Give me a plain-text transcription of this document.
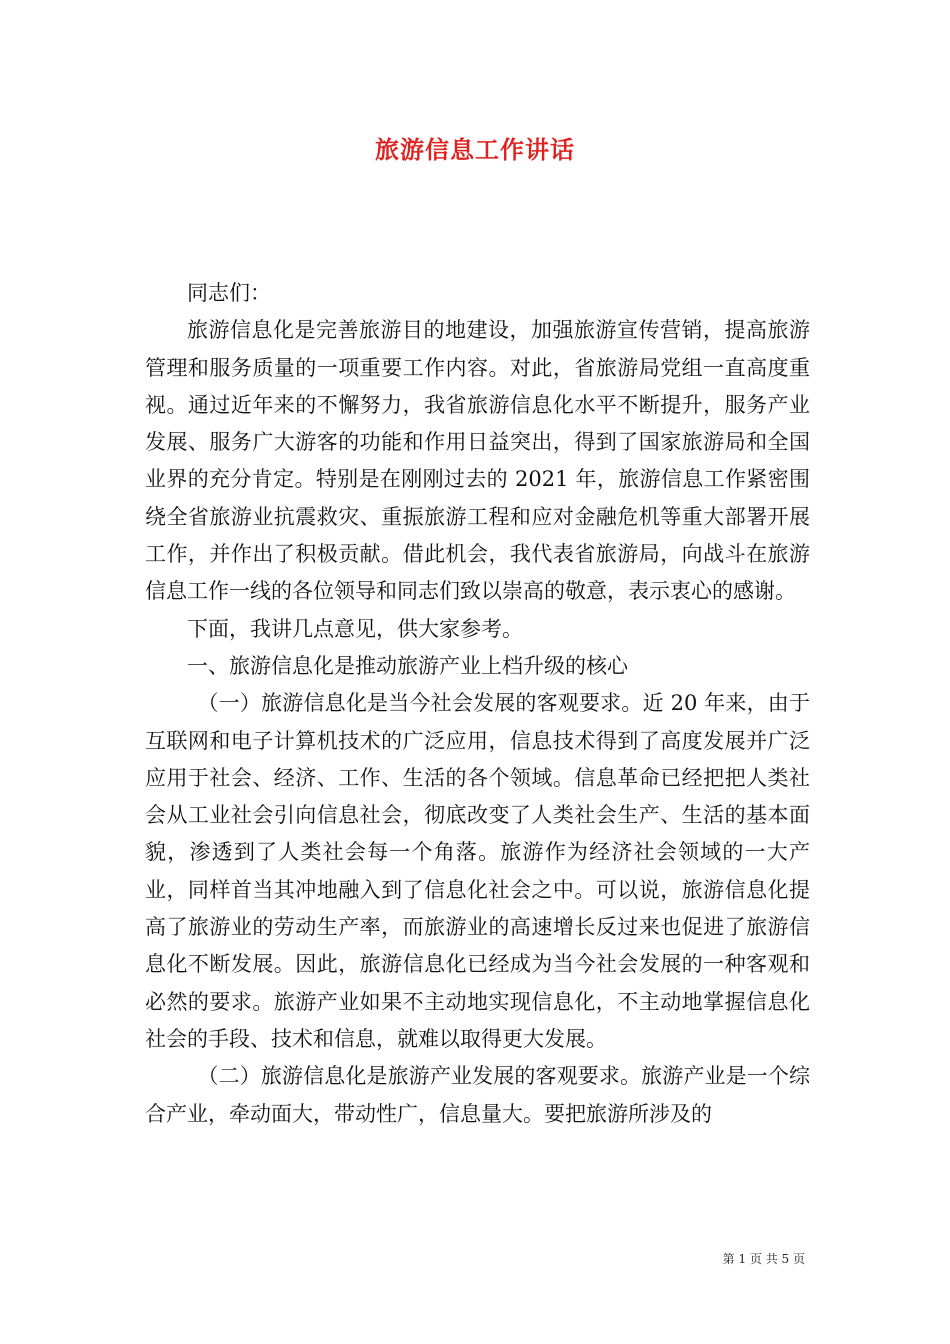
旅游信息工作讲话

同志们：

旅游信息化是完善旅游目的地建设，加强旅游宣传营销，提高旅游管理和服务质量的一项重要工作内容。对此，省旅游局党组一直高度重视。通过近年来的不懈努力，我省旅游信息化水平不断提升，服务产业发展、服务广大游客的功能和作用日益突出，得到了国家旅游局和全国业界的充分肯定。特别是在刚刚过去的 2021 年，旅游信息工作紧密围绕全省旅游业抗震救灾、重振旅游工程和应对金融危机等重大部署开展工作，并作出了积极贡献。借此机会，我代表省旅游局，向战斗在旅游信息工作一线的各位领导和同志们致以崇高的敬意，表示衷心的感谢。

下面，我讲几点意见，供大家参考。

一、旅游信息化是推动旅游产业上档升级的核心

（一）旅游信息化是当今社会发展的客观要求。近 20 年来，由于互联网和电子计算机技术的广泛应用，信息技术得到了高度发展并广泛应用于社会、经济、工作、生活的各个领域。信息革命已经把把人类社会从工业社会引向信息社会，彻底改变了人类社会生产、生活的基本面貌，渗透到了人类社会每一个角落。旅游作为经济社会领域的一大产业，同样首当其冲地融入到了信息化社会之中。可以说，旅游信息化提高了旅游业的劳动生产率，而旅游业的高速增长反过来也促进了旅游信息化不断发展。因此，旅游信息化已经成为当今社会发展的一种客观和必然的要求。旅游产业如果不主动地实现信息化，不主动地掌握信息化社会的手段、技术和信息，就难以取得更大发展。

（二）旅游信息化是旅游产业发展的客观要求。旅游产业是一个综合产业，牵动面大，带动性广，信息量大。要把旅游所涉及的

第 1 页 共 5 页
